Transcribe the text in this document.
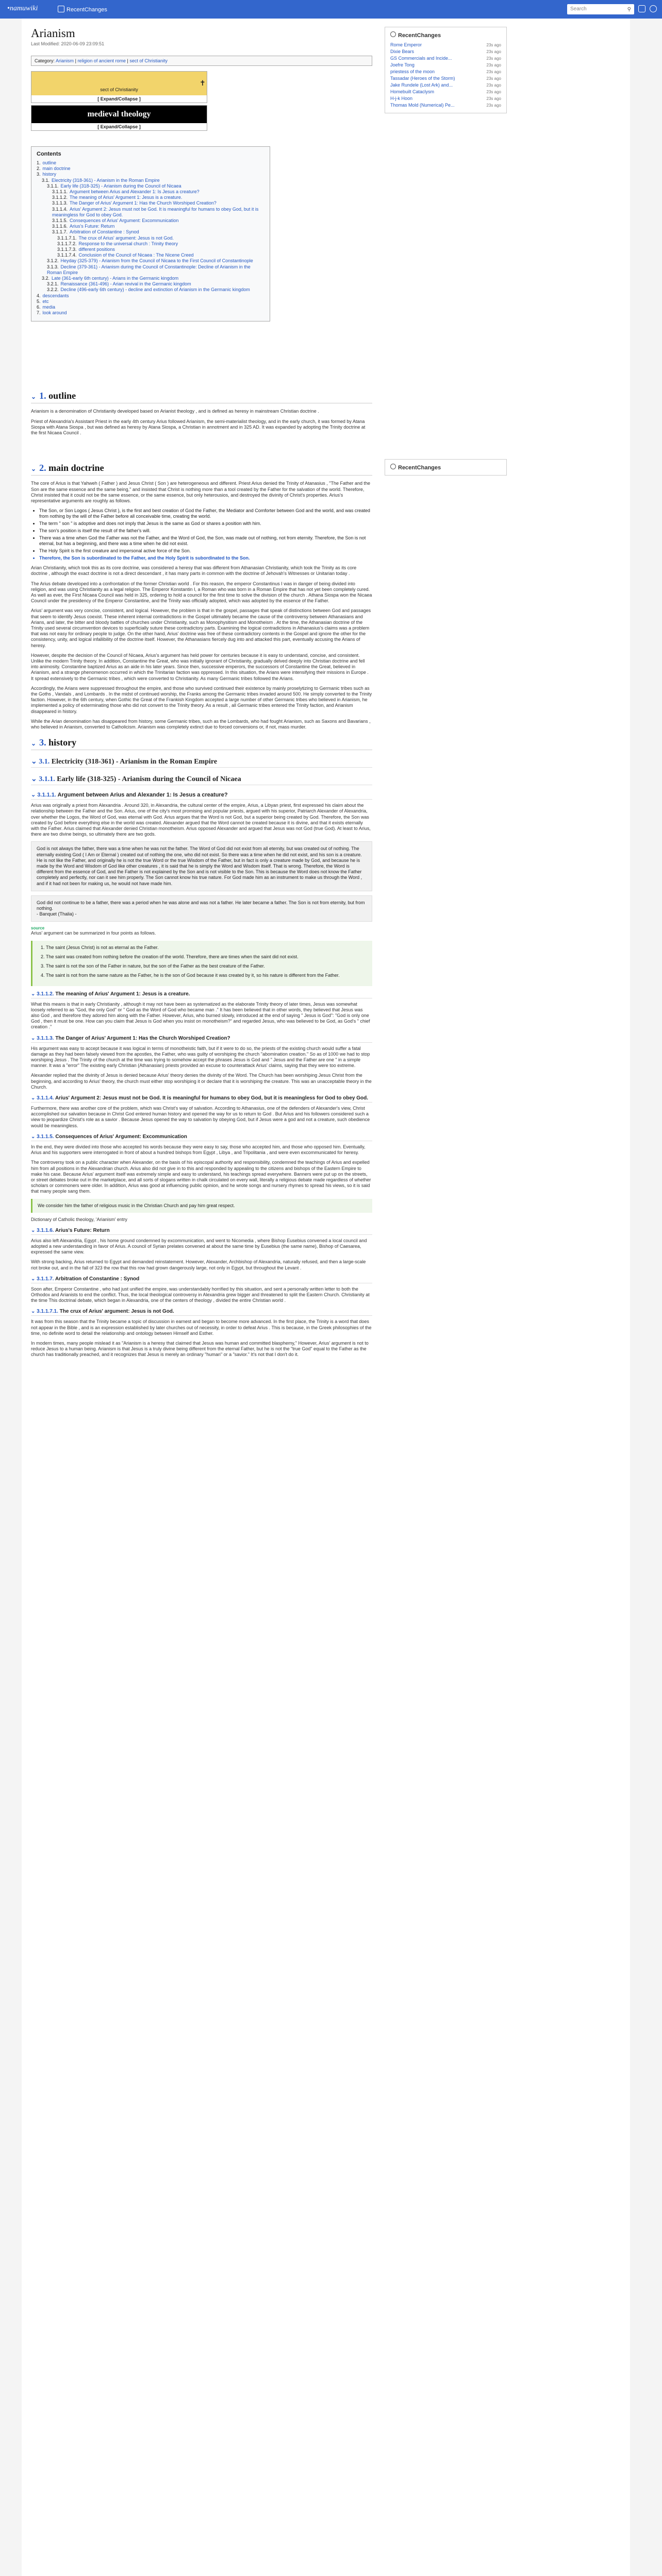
•namuwiki	RecentChanges	Search	⚲
Arianism
Last Modified: 2020-06-09 23:09:51
Category: Arianism | religion of ancient rome | sect of Christianity
✝
sect of Christianity
[ Expand/Collapse ]
medieval theology
[ Expand/Collapse ]
Contents
1. outline
2. main doctrine
3. history
3.1. Electricity (318-361) - Arianism in the Roman Empire
3.1.1. Early life (318-325) - Arianism during the Council of Nicaea
3.1.1.1. Argument between Arius and Alexander 1: Is Jesus a creature?
3.1.1.2. The meaning of Arius' Argument 1: Jesus is a creature.
3.1.1.3. The Danger of Arius' Argument 1: Has the Church Worshiped Creation?
3.1.1.4. Arius' Argument 2: Jesus must not be God. It is meaningful for humans to obey God, but it is meaningless for God to obey God.
3.1.1.5. Consequences of Arius' Argument: Excommunication
3.1.1.6. Arius's Future: Return
3.1.1.7. Arbitration of Constantine : Synod
3.1.1.7.1. The crux of Arius' argument: Jesus is not God.
3.1.1.7.2. Response to the universal church : Trinity theory
3.1.1.7.3. different positions
3.1.1.7.4. Conclusion of the Council of Nicaea : The Nicene Creed
3.1.2. Heyday (325-379) - Arianism from the Council of Nicaea to the First Council of Constantinople
3.1.3. Decline (379-361) - Arianism during the Council of Constantinople: Decline of Arianism in the Roman Empire
3.2. Late (361-early 6th century) - Arians in the Germanic kingdom
3.2.1. Renaissance (361-496) - Arian revival in the Germanic kingdom
3.2.2. Decline (496-early 6th century) - decline and extinction of Arianism in the Germanic kingdom
4. descendants
5. etc
6. media
7. look around
⌄ 1. outline

Arianism is a denomination of Christianity developed based on Arianist theology , and is defined as heresy in mainstream Christian doctrine .

Priest of Alexandria's Assistant Priest in the early 4th century Arius followed Arianism, the semi-materialist theology, and in the early church, it was formed by Atana Siospa with Atana Siospa , but was defined as heresy by Atana Siospa, a Christian in annotment and in 325 AD. It was expanded by adopting the Trinity doctrine at the first Nicaea Council .

⌄ 2. main doctrine

The core of Arius is that Yahweh ( Father ) and Jesus Christ ( Son ) are heterogeneous and different. Priest Arius denied the Trinity of Atanasius , "The Father and the Son are the same essence and the same being," and insisted that Christ is nothing more than a tool created by the Father for the salvation of the world. Therefore, Christ insisted that it could not be the same essence, or the same essence, but only heterousios, and destroyed the divinity of Christ's properties. Arius's representative arguments are roughly as follows.

• The Son, or Son Logos ( Jesus Christ ), is the first and best creation of God the Father, the Mediator and Comforter between God and the world, and was created from nothing by the will of the Father before all conceivable time, creating the world.
• The term " son " is adoptive and does not imply that Jesus is the same as God or shares a position with him.
• The son's position is itself the result of the father's will.
• There was a time when God the Father was not the Father, and the Word of God, the Son, was made out of nothing, not from eternity. Therefore, the Son is not eternal, but has a beginning, and there was a time when he did not exist.
• The Holy Spirit is the first creature and impersonal active force of the Son.
• Therefore, the Son is subordinated to the Father, and the Holy Spirit is subordinated to the Son.

Arian Christianity, which took this as its core doctrine, was considered a heresy that was different from Athanasian Christianity, which took the Trinity as its core doctrine , although the exact doctrine is not a direct descendant , it has many parts in common with the doctrine of Jehovah's Witnesses or Unitarian today .

The Arius debate developed into a confrontation of the former Christian world . For this reason, the emperor Constantinus I was in danger of being divided into religion, and was using Christianity as a legal religion. The Emperor Konstantin I, a Roman who was born in a Roman Empire that has not yet been completely cured. As well as ever, the First Nicaea Council was held in 325, ordering to hold a council for the first time to solve the division of the church . Athana Siospa won the Nicaea Council under the presidency of the Emperor Constantine, and the Trinity was officially adopted, which was adopted by the essence of the Father.

Arius' argument was very concise, consistent, and logical. However, the problem is that in the gospel, passages that speak of distinctions between God and passages that seem to identify Jesus coexist. These inherent internal contradictions in the Gospel ultimately became the cause of the controversy between Athanasians and Arians, and later, the bitter and bloody battles of churches under Christianity, such as Monophysitism and Monotheism . At the time, the Athanasian doctrine of the Trinity used several circumvention devices to superficially suture these contradictory parts. Examining the logical contradictions in Athanasius's claims was a problem that was not easy for ordinary people to judge. On the other hand, Arius' doctrine was free of these contradictory contents in the Gospel and ignore the other for the consistency, unity, and logical infallibility of the doctrine itself. However, the Athanasians fiercely dug into and attacked this part, eventually accusing the Arians of heresy.

However, despite the decision of the Council of Nicaea, Arius's argument has held power for centuries because it is easy to understand, concise, and consistent. Unlike the modern Trinity theory. In addition, Constantine the Great, who was initially ignorant of Christianity, gradually delved deeply into Christian doctrine and fell into animosity. Constantine baptized Arius as an aide in his later years. Since then, successive emperors, the successors of Constantine the Great, believed in Arianism, and a strange phenomenon occurred in which the Trinitarian faction was oppressed. In this situation, the Arians were intensifying their missions in Europe . It spread extensively to the Germanic tribes , which were converted to Christianity. As many Germanic tribes followed the Arians.

Accordingly, the Arians were suppressed throughout the empire, and those who survived continued their existence by mainly proselytizing to Germanic tribes such as the Goths , Vandals , and Lombards . In the midst of continued worship, the Franks among the Germanic tribes invaded around 500. He simply converted to the Trinity faction. However, in the 6th century, when Gothic the Great of the Frankish Kingdom accepted a large number of other Germanic tribes who believed in Arianism, he implemented a policy of exterminating those who did not convert to the Trinity theory. As a result , all Germanic tribes entered the Trinity faction, and Arianism disappeared in history.

While the Arian denomination has disappeared from history, some Germanic tribes, such as the Lombards, who had fought Arianism, such as Saxons and Bavarians , who believed in Arianism, converted to Catholicism. Arianism was completely extinct due to forced conversions or, if not, mass murder.

⌄ 3. history
⌄ 3.1. Electricity (318-361) - Arianism in the Roman Empire
⌄ 3.1.1. Early life (318-325) - Arianism during the Council of Nicaea
⌄ 3.1.1.1. Argument between Arius and Alexander 1: Is Jesus a creature?

Arius was originally a priest from Alexandria . Around 320, in Alexandria, the cultural center of the empire, Arius, a Libyan priest, first expressed his claim about the relationship between the Father and the Son. Arius, one of the city's most promising and popular priests, argued with his superior, Patriarch Alexander of Alexandria, over whether the Logos, the Word of God, was eternal with God. Arius argues that the Word is not God, but a superior being created by God. Therefore, the Son was created by God before everything else in the world was created. Alexander argued that the Word cannot be created because it is divine, and that it exists eternally with the Father. Arius claimed that Alexander denied Christian monotheism. Arius opposed Alexander and argued that Jesus was not God (true God). At least to Arius, there are two divine beings, so ultimately there are two gods.

God is not always the father, there was a time when he was not the father. The Word of God did not exist from all eternity, but was created out of nothing. The eternally existing God ( I Am or Eternal ) created out of nothing the one, who did not exist. So there was a time when he did not exist, and his son is a creature. He is not like the Father, and originally he is not the true Word or the true Wisdom of the Father, but in fact is only a creature made by God, and because he is made by the Word and Wisdom of God like other creatures , it is said that he is simply the Word and Wisdom itself. That is wrong. Therefore, the Word is different from the essence of God, and the Father is not explained by the Son and is not visible to the Son. This is because the Word does not know the Father completely and perfectly, nor can it see him properly. The Son cannot know his true nature. For God made him as an instrument to make us through the Word , and if it had not been for making us, he would not have made him.
God did not continue to be a father, there was a period when he was alone and was not a father. He later became a father. The Son is not from eternity, but from nothing.
- Banquet (Thalia) -
source

Arius' argument can be summarized in four points as follows.

1. The saint (Jesus Christ) is not as eternal as the Father.
2. The saint was created from nothing before the creation of the world. Therefore, there are times when the saint did not exist.
3. The saint is not the son of the Father in nature, but the son of the Father as the best creature of the Father.
4. The saint is not from the same nature as the Father, he is the son of God because it was created by it, so his nature is different from the Father.
⌄ 3.1.1.2. The meaning of Arius' Argument 1: Jesus is a creature.

What this means is that in early Christianity , although it may not have been as systematized as the elaborate Trinity theory of later times, Jesus was somewhat loosely referred to as "God, the only God" or " God as the Word of God who became man ." It has been believed that in other words, they believed that Jesus was also God , and therefore they adored him along with the Father. However, Arius, who burned slowly, introduced at the end of saying " Jesus is God": "God is only one God , then it must be one. How can you claim that Jesus is God when you insist on monotheism?" and regarded Jesus, who was believed to be God, as God's " chief creation ."

⌄ 3.1.1.3. The Danger of Arius' Argument 1: Has the Church Worshiped Creation?

His argument was easy to accept because it was logical in terms of monotheistic faith, but if it were to do so, the priests of the existing church would suffer a fatal damage as they had been falsely viewed from the apostles, the Father, who was guilty of worshiping the church "abomination creation." So as of 1000 we had to stop worshiping Jesus . The Trinity of the church at the time was trying to somehow accept the phrases Jesus is God and " Jesus and the Father are one " in a simple manner. It was a "error" The existing early Christian (Athanasian) priests provided an excuse to counterattack Arius' claims, saying that they were too extreme.

Alexander replied that the divinity of Jesus is denied because Arius' theory denies the divinity of the Word. The Church has been worshiping Jesus Christ from the beginning, and according to Arius' theory, the church must either stop worshiping it or declare that it is worshiping the creature. This was an unacceptable theory in the Church.

⌄ 3.1.1.4. Arius' Argument 2: Jesus must not be God. It is meaningful for humans to obey God, but it is meaningless for God to obey God.

Furthermore, there was another core of the problem, which was Christ's way of salvation. According to Athanasius, one of the defenders of Alexander's view, Christ accomplished our salvation because in Christ God entered human history and opened the way for us to return to God . But Arius and his followers considered such a view to jeopardize Christ's role as a savior . Because Jesus opened the way to salvation by obeying God, but if Jesus were a god and not a creature, such obedience would be meaningless.

⌄ 3.1.1.5. Consequences of Arius' Argument: Excommunication

In the end, they were divided into those who accepted his words because they were easy to say, those who accepted him, and those who opposed him. Eventually, Arius and his supporters were interrogated in front of about a hundred bishops from Egypt , Libya , and Tripolitania , and were even excommunicated for heresy.

The controversy took on a public character when Alexander, on the basis of his episcopal authority and responsibility, condemned the teachings of Arius and expelled him from all positions in the Alexandrian church. Arius also did not give in to this and responded by appealing to the citizens and bishops of the Eastern Empire to make his case. Because Arius' argument itself was extremely simple and easy to understand, his teachings spread everywhere. Banners were put up on the streets, or street debates broke out in the marketplace, and all sorts of slogans written in chalk circulated on every wall, literally a religious debate made regardless of whether scholars or commoners were older. In addition, Arius was good at influencing public opinion, and he wrote songs and nursery rhymes to spread his views, so it is said that many people sang them.

We consider him the father of religious music in the Christian Church and pay him great respect.

Dictionary of Catholic theology, 'Arianism' entry

⌄ 3.1.1.6. Arius's Future: Return

Arius also left Alexandria, Egypt , his home ground condemned by excommunication, and went to Nicomedia , where Bishop Eusebius convened a local council and adopted a new understanding in favor of Arius. A council of Syrian prelates convened at about the same time by Eusebius (the same name), Bishop of Caesarea, expressed the same view.

With strong backing, Arius returned to Egypt and demanded reinstatement. However, Alexander, Archbishop of Alexandria, naturally refused, and then a large-scale riot broke out, and in the fall of 323 the row that this row had grown dangerously large, not only in Egypt, but throughout the Levant .

⌄ 3.1.1.7. Arbitration of Constantine : Synod

Soon after, Emperor Constantine , who had just unified the empire, was understandably horrified by this situation, and sent a personally written letter to both the Orthodox and Arianists to end the conflict. Thus, the local theological controversy in Alexandria grew bigger and threatened to split the Eastern Church. Christianity at the time This doctrinal debate, which began in Alexandria, one of the centers of theology , divided the entire Christian world .

⌄ 3.1.1.7.1. The crux of Arius' argument: Jesus is not God.

It was from this season that the Trinity became a topic of discussion in earnest and began to become more advanced. In the first place, the Trinity is a word that does not appear in the Bible , and is an expression established by later churches out of necessity, in order to defeat Arius . This is because, in the Greek philosophies of the time, no definite word to detail the relationship and ontology between Himself and Esther.

In modern times, many people mislead it as "Arianism is a heresy that claimed that Jesus was human and committed blasphemy," However, Arius' argument is not to reduce Jesus to a human being. Arianism is that Jesus is a truly divine being different from the eternal Father, but he is not the "true God" equal to the Father as the church has traditionally preached, and it recognizes that Jesus is merely an ordinary "human" or a "savior." It's not that I don't do it.

RecentChanges
Rome Emperor	23s ago
Dixie Bears	23s ago
GS Commercials and Incide...	23s ago
Joefre Tong	23s ago
priestess of the moon	23s ago
Tassadar (Heroes of the Storm)	23s ago
Jake Rundele (Lost Ark) and...	23s ago
Homebuilt Cataclysm	23s ago
H-j-k Hoon	23s ago
Thomas Mold (Numerical) Pe...	23s ago
RecentChanges
